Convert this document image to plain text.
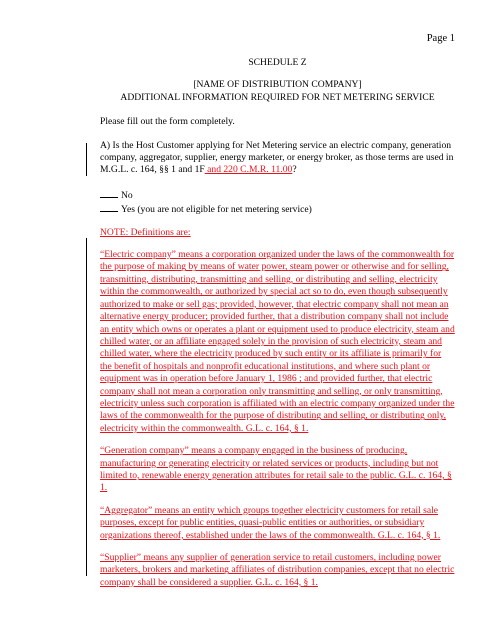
Page 1

SCHEDULE Z

[NAME OF DISTRIBUTION COMPANY]

ADDITIONAL INFORMATION REQUIRED FOR NET METERING SERVICE

Please fill out the form completely.

A) Is the Host Customer applying for Net Metering service an electric company, generation company, aggregator, supplier, energy marketer, or energy broker, as those terms are used in M.G.L. c. 164, §§ 1 and 1F and 220 C.M.R. 11.00?

No

Yes (you are not eligible for net metering service)

NOTE: Definitions are:

“Electric company” means a corporation organized under the laws of the commonwealth for the purpose of making by means of water power, steam power or otherwise and for selling, transmitting, distributing, transmitting and selling, or distributing and selling, electricity within the commonwealth, or authorized by special act so to do, even though subsequently authorized to make or sell gas; provided, however, that electric company shall not mean an alternative energy producer; provided further, that a distribution company shall not include an entity which owns or operates a plant or equipment used to produce electricity, steam and chilled water, or an affiliate engaged solely in the provision of such electricity, steam and chilled water, where the electricity produced by such entity or its affiliate is primarily for the benefit of hospitals and nonprofit educational institutions, and where such plant or equipment was in operation before January 1, 1986 ; and provided further, that electric company shall not mean a corporation only transmitting and selling, or only transmitting, electricity unless such corporation is affiliated with an electric company organized under the laws of the commonwealth for the purpose of distributing and selling, or distributing only, electricity within the commonwealth. G.L. c. 164, § 1.

“Generation company” means a company engaged in the business of producing, manufacturing or generating electricity or related services or products, including but not limited to, renewable energy generation attributes for retail sale to the public. G.L. c. 164, § 1.

“Aggregator” means an entity which groups together electricity customers for retail sale purposes, except for public entities, quasi-public entities or authorities, or subsidiary organizations thereof, established under the laws of the commonwealth. G.L. c. 164, § 1.

“Supplier” means any supplier of generation service to retail customers, including power marketers, brokers and marketing affiliates of distribution companies, except that no electric company shall be considered a supplier. G.L. c. 164, § 1.
